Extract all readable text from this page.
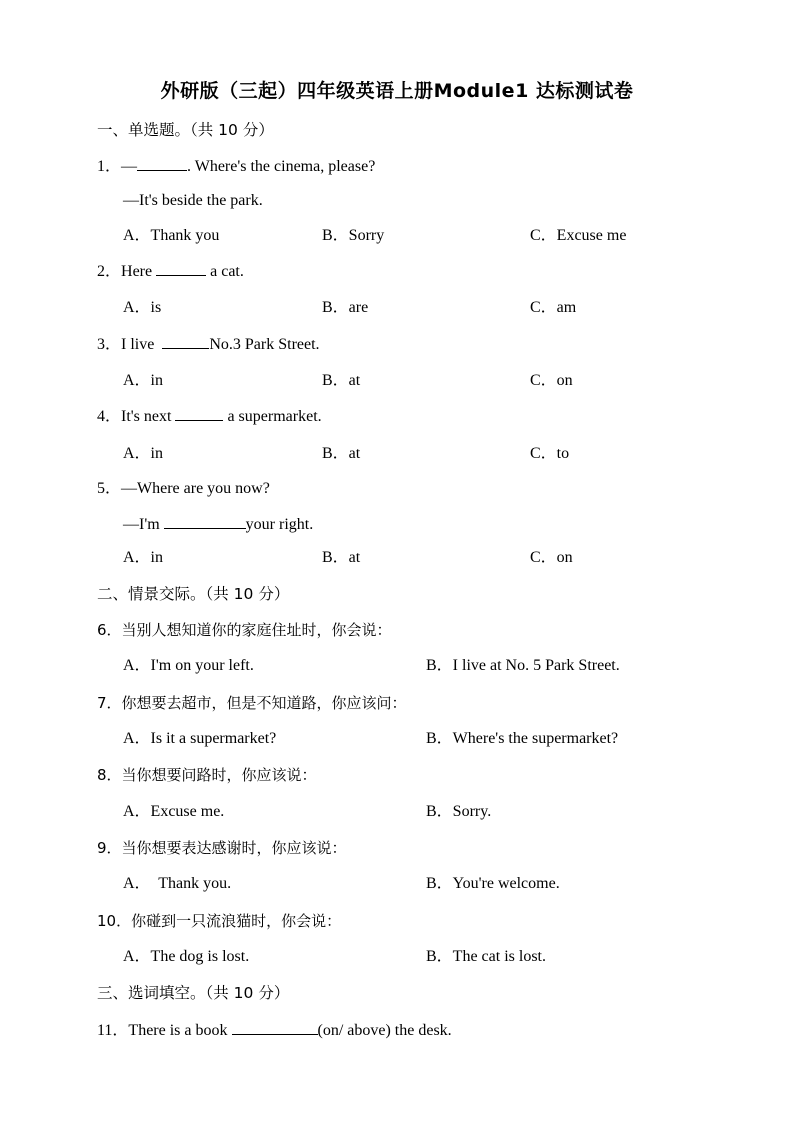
外研版（三起）四年级英语上册Module1 达标测试卷
一、单选题。（共 10 分）
1．—	. Where's the cinema, please?
—It's beside the park.
A．Thank you	B．Sorry	C．Excuse me
2．Here	a cat.
A．is	B．are	C．am
3．I live	No.3 Park Street.
A．in	B．at	C．on
4．It's next	a supermarket.
A．in	B．at	C．to
5．—Where are you now?
—I'm	your right.
A．in	B．at	C．on
二、情景交际。（共 10 分）
6．当别人想知道你的家庭住址时，你会说：
A．I'm on your left.	B．I live at No. 5 Park Street.
7．你想要去超市，但是不知道路，你应该问：
A．Is it a supermarket?	B．Where's the supermarket?
8．当你想要问路时，你应该说：
A．Excuse me.	B．Sorry.
9．当你想要表达感谢时，你应该说：
A．  Thank you.	B．You're welcome.
10．你碰到一只流浪猫时，你会说：
A．The dog is lost.	B．The cat is lost.
三、选词填空。（共 10 分）
11．There is a book	(on/ above) the desk.
